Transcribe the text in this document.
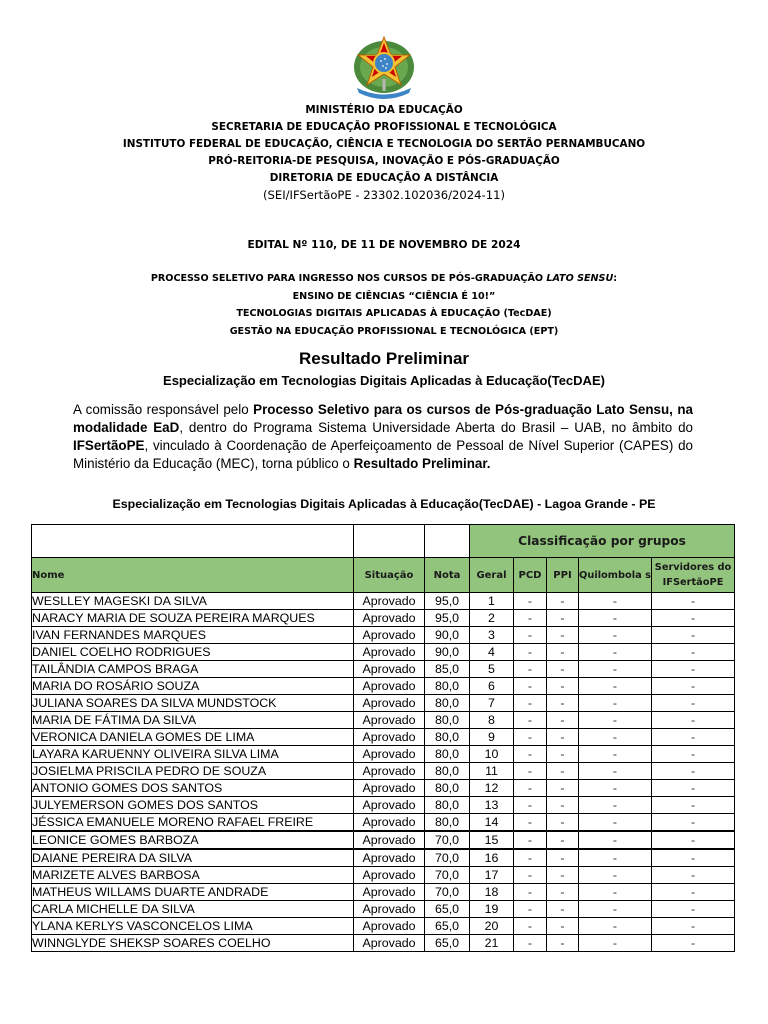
MINISTÉRIO DA EDUCAÇÃO
SECRETARIA DE EDUCAÇÃO PROFISSIONAL E TECNOLÓGICA
INSTITUTO FEDERAL DE EDUCAÇÃO, CIÊNCIA E TECNOLOGIA DO SERTÃO PERNAMBUCANO
PRÓ-REITORIA-DE PESQUISA, INOVAÇÃO E PÓS-GRADUAÇÃO
DIRETORIA DE EDUCAÇÃO A DISTÂNCIA
(SEI/IFSertãoPE - 23302.102036/2024-11)
EDITAL Nº 110, DE 11 DE NOVEMBRO DE 2024
PROCESSO SELETIVO PARA INGRESSO NOS CURSOS DE PÓS-GRADUAÇÃO LATO SENSU:
ENSINO DE CIÊNCIAS “CIÊNCIA É 10!”
TECNOLOGIAS DIGITAIS APLICADAS À EDUCAÇÃO (TecDAE)
GESTÃO NA EDUCAÇÃO PROFISSIONAL E TECNOLÓGICA (EPT)
Resultado Preliminar
Especialização em Tecnologias Digitais Aplicadas à Educação(TecDAE)
A comissão responsável pelo Processo Seletivo para os cursos de Pós-graduação Lato Sensu, na modalidade EaD, dentro do Programa Sistema Universidade Aberta do Brasil – UAB, no âmbito do IFSertãoPE, vinculado à Coordenação de Aperfeiçoamento de Pessoal de Nível Superior (CAPES) do Ministério da Educação (MEC), torna público o Resultado Preliminar.
Especialização em Tecnologias Digitais Aplicadas à Educação(TecDAE) - Lagoa Grande - PE
			Classificação por grupos				
Nome	Situação	Nota	Geral	PCD	PPI	Quilombola s	Servidores do IFSertãoPE
WESLLEY MAGESKI DA SILVA	Aprovado	95,0	1	-	-	-	-
NARACY MARIA DE SOUZA PEREIRA MARQUES	Aprovado	95,0	2	-	-	-	-
IVAN FERNANDES MARQUES	Aprovado	90,0	3	-	-	-	-
DANIEL COELHO RODRIGUES	Aprovado	90,0	4	-	-	-	-
TAILÂNDIA CAMPOS BRAGA	Aprovado	85,0	5	-	-	-	-
MARIA DO ROSÁRIO SOUZA	Aprovado	80,0	6	-	-	-	-
JULIANA SOARES DA SILVA MUNDSTOCK	Aprovado	80,0	7	-	-	-	-
MARIA DE FÁTIMA DA SILVA	Aprovado	80,0	8	-	-	-	-
VERONICA DANIELA GOMES DE LIMA	Aprovado	80,0	9	-	-	-	-
LAYARA KARUENNY OLIVEIRA SILVA LIMA	Aprovado	80,0	10	-	-	-	-
JOSIELMA PRISCILA PEDRO DE SOUZA	Aprovado	80,0	11	-	-	-	-
ANTONIO GOMES DOS SANTOS	Aprovado	80,0	12	-	-	-	-
JULYEMERSON GOMES DOS SANTOS	Aprovado	80,0	13	-	-	-	-
JÉSSICA EMANUELE MORENO RAFAEL FREIRE	Aprovado	80,0	14	-	-	-	-
LEONICE GOMES BARBOZA	Aprovado	70,0	15	-	-	-	-
DAIANE PEREIRA DA SILVA	Aprovado	70,0	16	-	-	-	-
MARIZETE ALVES BARBOSA	Aprovado	70,0	17	-	-	-	-
MATHEUS WILLAMS DUARTE ANDRADE	Aprovado	70,0	18	-	-	-	-
CARLA MICHELLE DA SILVA	Aprovado	65,0	19	-	-	-	-
YLANA KERLYS VASCONCELOS LIMA	Aprovado	65,0	20	-	-	-	-
WINNGLYDE SHEKSP SOARES COELHO	Aprovado	65,0	21	-	-	-	-
